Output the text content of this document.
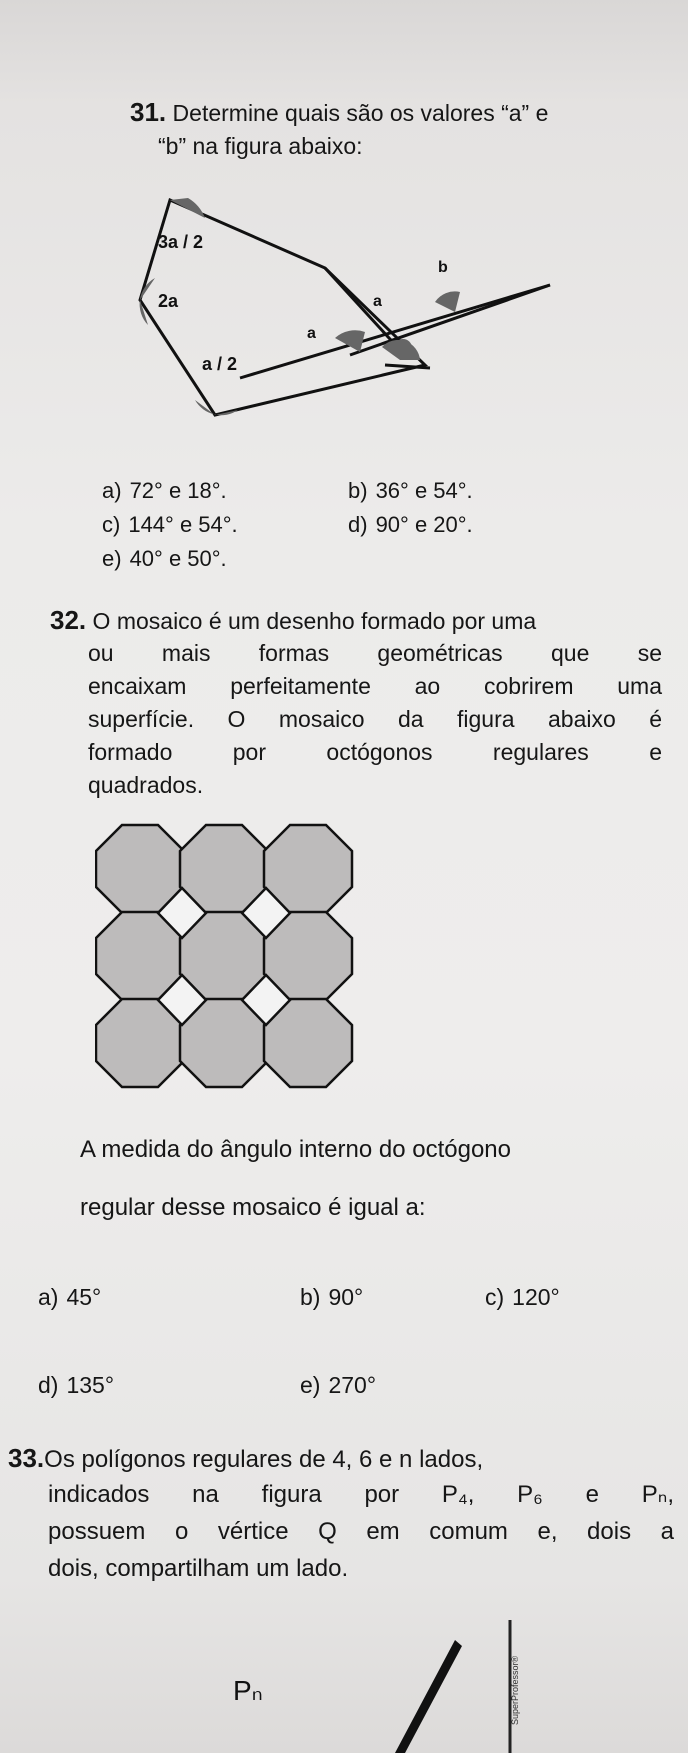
31. Determine quais são os valores “a” e
“b” na figura abaixo:
3a / 2
2a
a / 2
a
a
b
a) 72° e 18°.	b) 36° e 54°.
c) 144° e 54°.	d) 90° e 20°.
e) 40° e 50°.
32. O mosaico é um desenho formado por uma
ou mais formas geométricas que se
encaixam perfeitamente ao cobrirem uma
superfície. O mosaico da figura abaixo é
formado por octógonos regulares e
quadrados.
A medida do ângulo interno do octógono
regular desse mosaico é igual a:
a) 45°	b) 90°	c) 120°
d) 135°	e) 270°
33.Os polígonos regulares de 4, 6 e n lados,
indicados na figura por P₄, P₆ e Pₙ,
possuem o vértice Q em comum e, dois a
dois, compartilham um lado.
Pₙ	SuperProfessor®
